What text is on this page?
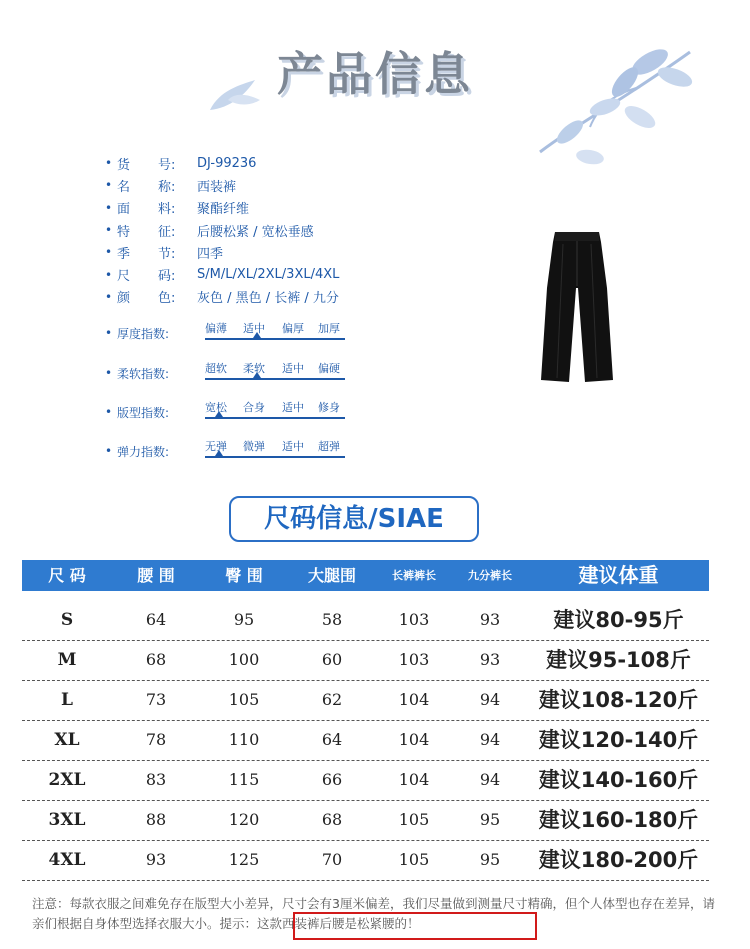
产品信息
• 货 号:	DJ-99236
• 名 称:	西装裤
• 面 料:	聚酯纤维
• 特 征:	后腰松紧 / 宽松垂感
• 季 节:	四季
• 尺 码:	S/M/L/XL/2XL/3XL/4XL
• 颜 色:	灰色 / 黑色 / 长裤 / 九分
• 厚度指数:	偏薄 适中 偏厚 加厚
• 柔软指数:	超软 柔软 适中 偏硬
• 版型指数:	宽松 合身 适中 修身
• 弹力指数:	无弹 微弹 适中 超弹
尺码信息/SIAE
尺 码	腰 围	臀 围	大腿围	长裤裤长	九分裤长	建议体重
S	64	95	58	103	93	建议80-95斤
M	68	100	60	103	93	建议95-108斤
L	73	105	62	104	94	建议108-120斤
XL	78	110	64	104	94	建议120-140斤
2XL	83	115	66	104	94	建议140-160斤
3XL	88	120	68	105	95	建议160-180斤
4XL	93	125	70	105	95	建议180-200斤
注意：每款衣服之间难免存在版型大小差异，尺寸会有3厘米偏差，我们尽量做到测量尺寸精确，但个人体型也存在差异，请亲们根据自身体型选择衣服大小。提示：这款西装裤后腰是松紧腰的！
